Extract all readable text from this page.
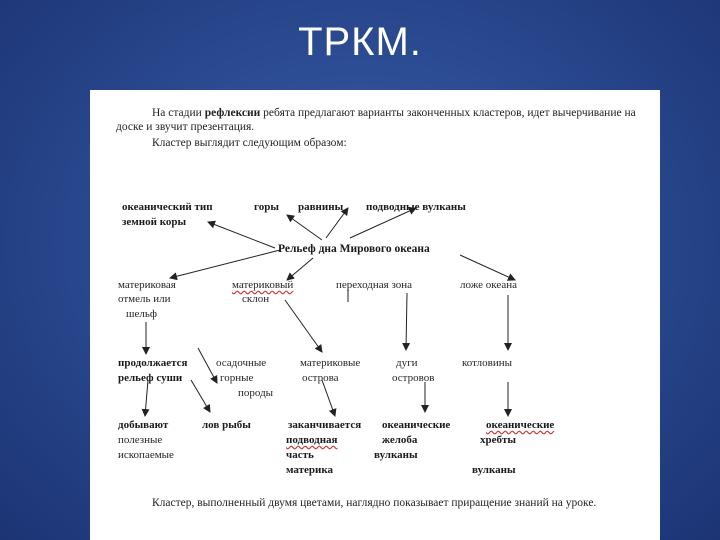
ТРКМ.
На стадии рефлексии ребята предлагают варианты законченных кластеров, идет вычерчивание на доске и звучит презентация.
Кластер выглядит следующим образом:
океанический тип
земной коры
горы равнины подводные вулканы
Рельеф дна Мирового океана
материковая
отмель или
шельф
материковый
склон
переходная зона	ложе океана
продолжается
рельеф суши
осадочные
горные
породы
материковые
острова
дуги
островов
котловины
добывают
полезные
ископаемые
лов рыбы	заканчивается
подводная
часть
материка
океанические
желоба
вулканы
океанические
хребты
вулканы
Кластер, выполненный двумя цветами, наглядно показывает приращение знаний на уроке.
